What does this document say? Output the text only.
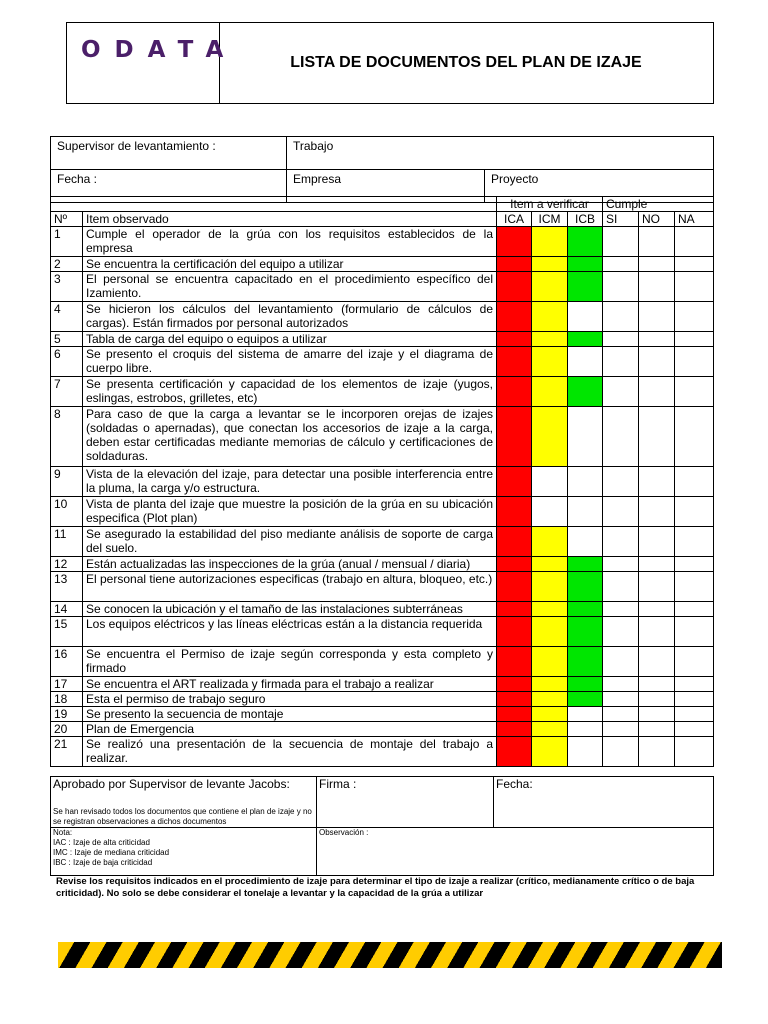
ODATA	LISTA DE DOCUMENTOS DEL PLAN DE IZAJE
Supervisor de levantamiento :	Trabajo	
Fecha :	Empresa	Proyecto
		Item a verificar			Cumple		
Nº	Item observado	ICA	ICM	ICB	SI	NO	NA
1	Cumple el operador de la grúa con los requisitos establecidos de la empresa						
2	Se encuentra la certificación del equipo a utilizar						
3	El personal se encuentra capacitado en el procedimiento específico del Izamiento.						
4	Se hicieron los cálculos del levantamiento (formulario de cálculos de cargas). Están firmados por personal autorizados						
5	Tabla de carga del equipo o equipos a utilizar						
6	Se presento el croquis del sistema de amarre del izaje y el diagrama de cuerpo libre.						
7	Se presenta certificación y capacidad de los elementos de izaje (yugos, eslingas, estrobos, grilletes, etc)						
8	Para caso de que la carga a levantar se le incorporen orejas de izajes (soldadas o apernadas), que conectan los accesorios de izaje a la carga, deben estar certificadas mediante memorias de cálculo y certificaciones de soldaduras.						
9	Vista de la elevación del izaje, para detectar una posible interferencia entre la pluma, la carga y/o estructura.						
10	Vista de planta del izaje que muestre la posición de la grúa en su ubicación especifica (Plot plan)						
11	Se asegurado la estabilidad del piso mediante análisis de soporte de carga del suelo.						
12	Están actualizadas las inspecciones de la grúa (anual / mensual / diaria)						
13	El personal tiene autorizaciones especificas (trabajo en altura, bloqueo, etc.)						
14	Se conocen la ubicación y el tamaño de las instalaciones subterráneas						
15	Los equipos eléctricos y las líneas eléctricas están a la distancia requerida						
16	Se encuentra el Permiso de izaje según corresponda y esta completo y firmado						
17	Se encuentra el ART realizada y firmada para el trabajo a realizar						
18	Esta el permiso de trabajo seguro						
19	Se presento la secuencia de montaje						
20	Plan de Emergencia						
21	Se realizó una presentación de la secuencia de montaje del trabajo a realizar.						
Aprobado por Supervisor de levante Jacobs:
Se han revisado todos los documentos que contiene el plan de izaje y no se registran observaciones a dichos documentos	Firma :	Fecha:

Nota:
IAC : Izaje de alta criticidad
IMC : Izaje de mediana criticidad
IBC : Izaje de baja criticidad	Observación :	
Revise los requisitos indicados en el procedimiento de izaje para determinar el tipo de izaje a realizar (crítico, medianamente crítico o de baja criticidad). No solo se debe considerar el tonelaje a levantar y la capacidad de la grúa a utilizar
